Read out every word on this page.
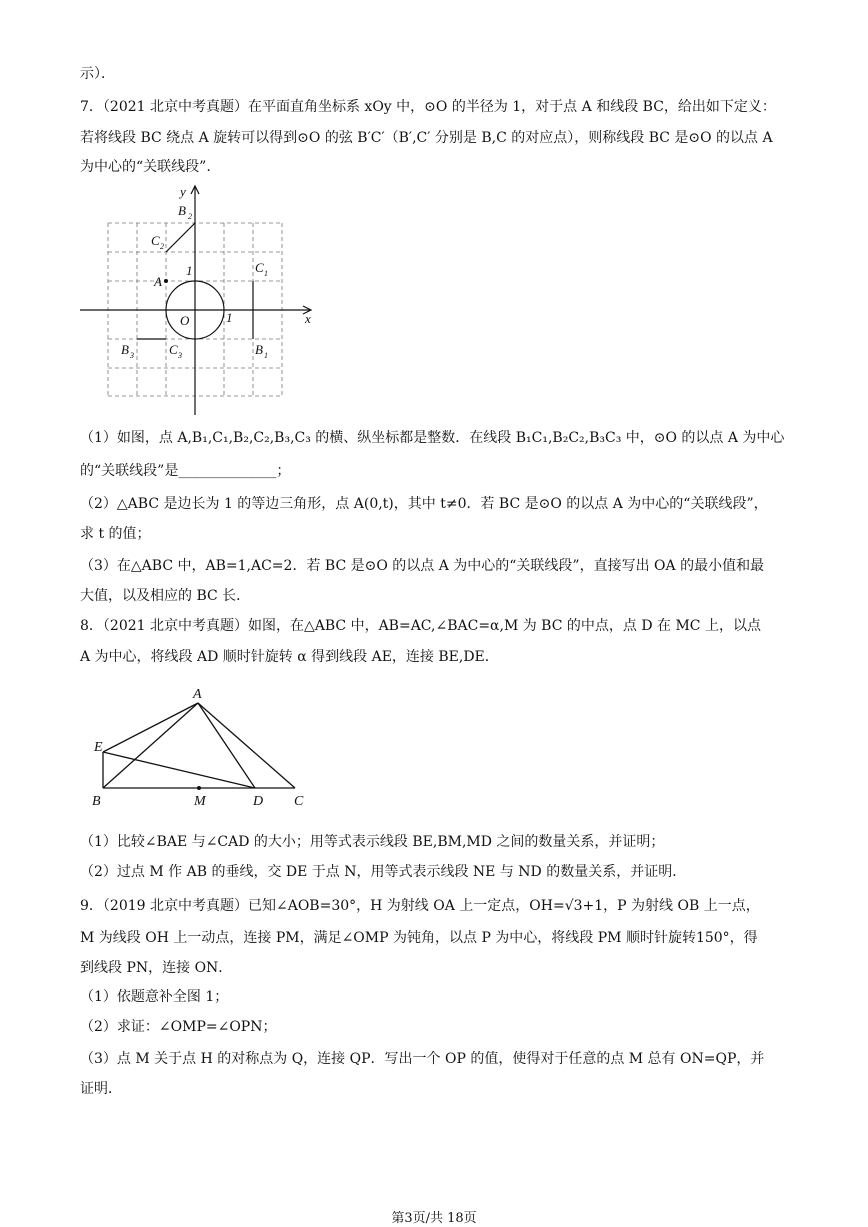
示）．
7．（2021 北京中考真题）在平面直角坐标系 xOy 中，⊙O 的半径为 1，对于点 A 和线段 BC，给出如下定义：
若将线段 BC 绕点 A 旋转可以得到⊙O 的弦 B′C′（B′,C′ 分别是 B,C 的对应点），则称线段 BC 是⊙O 的以点 A
为中心的“关联线段”.
y
x
O	1
1
A
B 2
C 2
C 1
B 1
B 3	C 3
（1）如图，点 A,B₁,C₁,B₂,C₂,B₃,C₃ 的横、纵坐标都是整数．在线段 B₁C₁,B₂C₂,B₃C₃ 中，⊙O 的以点 A 为中心
的“关联线段”是______________；
（2）△ABC 是边长为 1 的等边三角形，点 A(0,t)，其中 t≠0．若 BC 是⊙O 的以点 A 为中心的“关联线段”，
求 t 的值；
（3）在△ABC 中，AB=1,AC=2．若 BC 是⊙O 的以点 A 为中心的“关联线段”，直接写出 OA 的最小值和最
大值，以及相应的 BC 长．
8．（2021 北京中考真题）如图，在△ABC 中，AB=AC,∠BAC=α,M 为 BC 的中点，点 D 在 MC 上，以点
A 为中心，将线段 AD 顺时针旋转 α 得到线段 AE，连接 BE,DE．
A
E
B	M	D C
（1）比较∠BAE 与∠CAD 的大小；用等式表示线段 BE,BM,MD 之间的数量关系，并证明；
（2）过点 M 作 AB 的垂线，交 DE 于点 N，用等式表示线段 NE 与 ND 的数量关系，并证明．
9．（2019 北京中考真题）已知∠AOB=30°，H 为射线 OA 上一定点，OH=√3+1，P 为射线 OB 上一点，
M 为线段 OH 上一动点，连接 PM，满足∠OMP 为钝角，以点 P 为中心，将线段 PM 顺时针旋转150°，得
到线段 PN，连接 ON．
（1）依题意补全图 1；
（2）求证：∠OMP=∠OPN；
（3）点 M 关于点 H 的对称点为 Q，连接 QP．写出一个 OP 的值，使得对于任意的点 M 总有 ON=QP，并
证明．
第3页/共 18页
